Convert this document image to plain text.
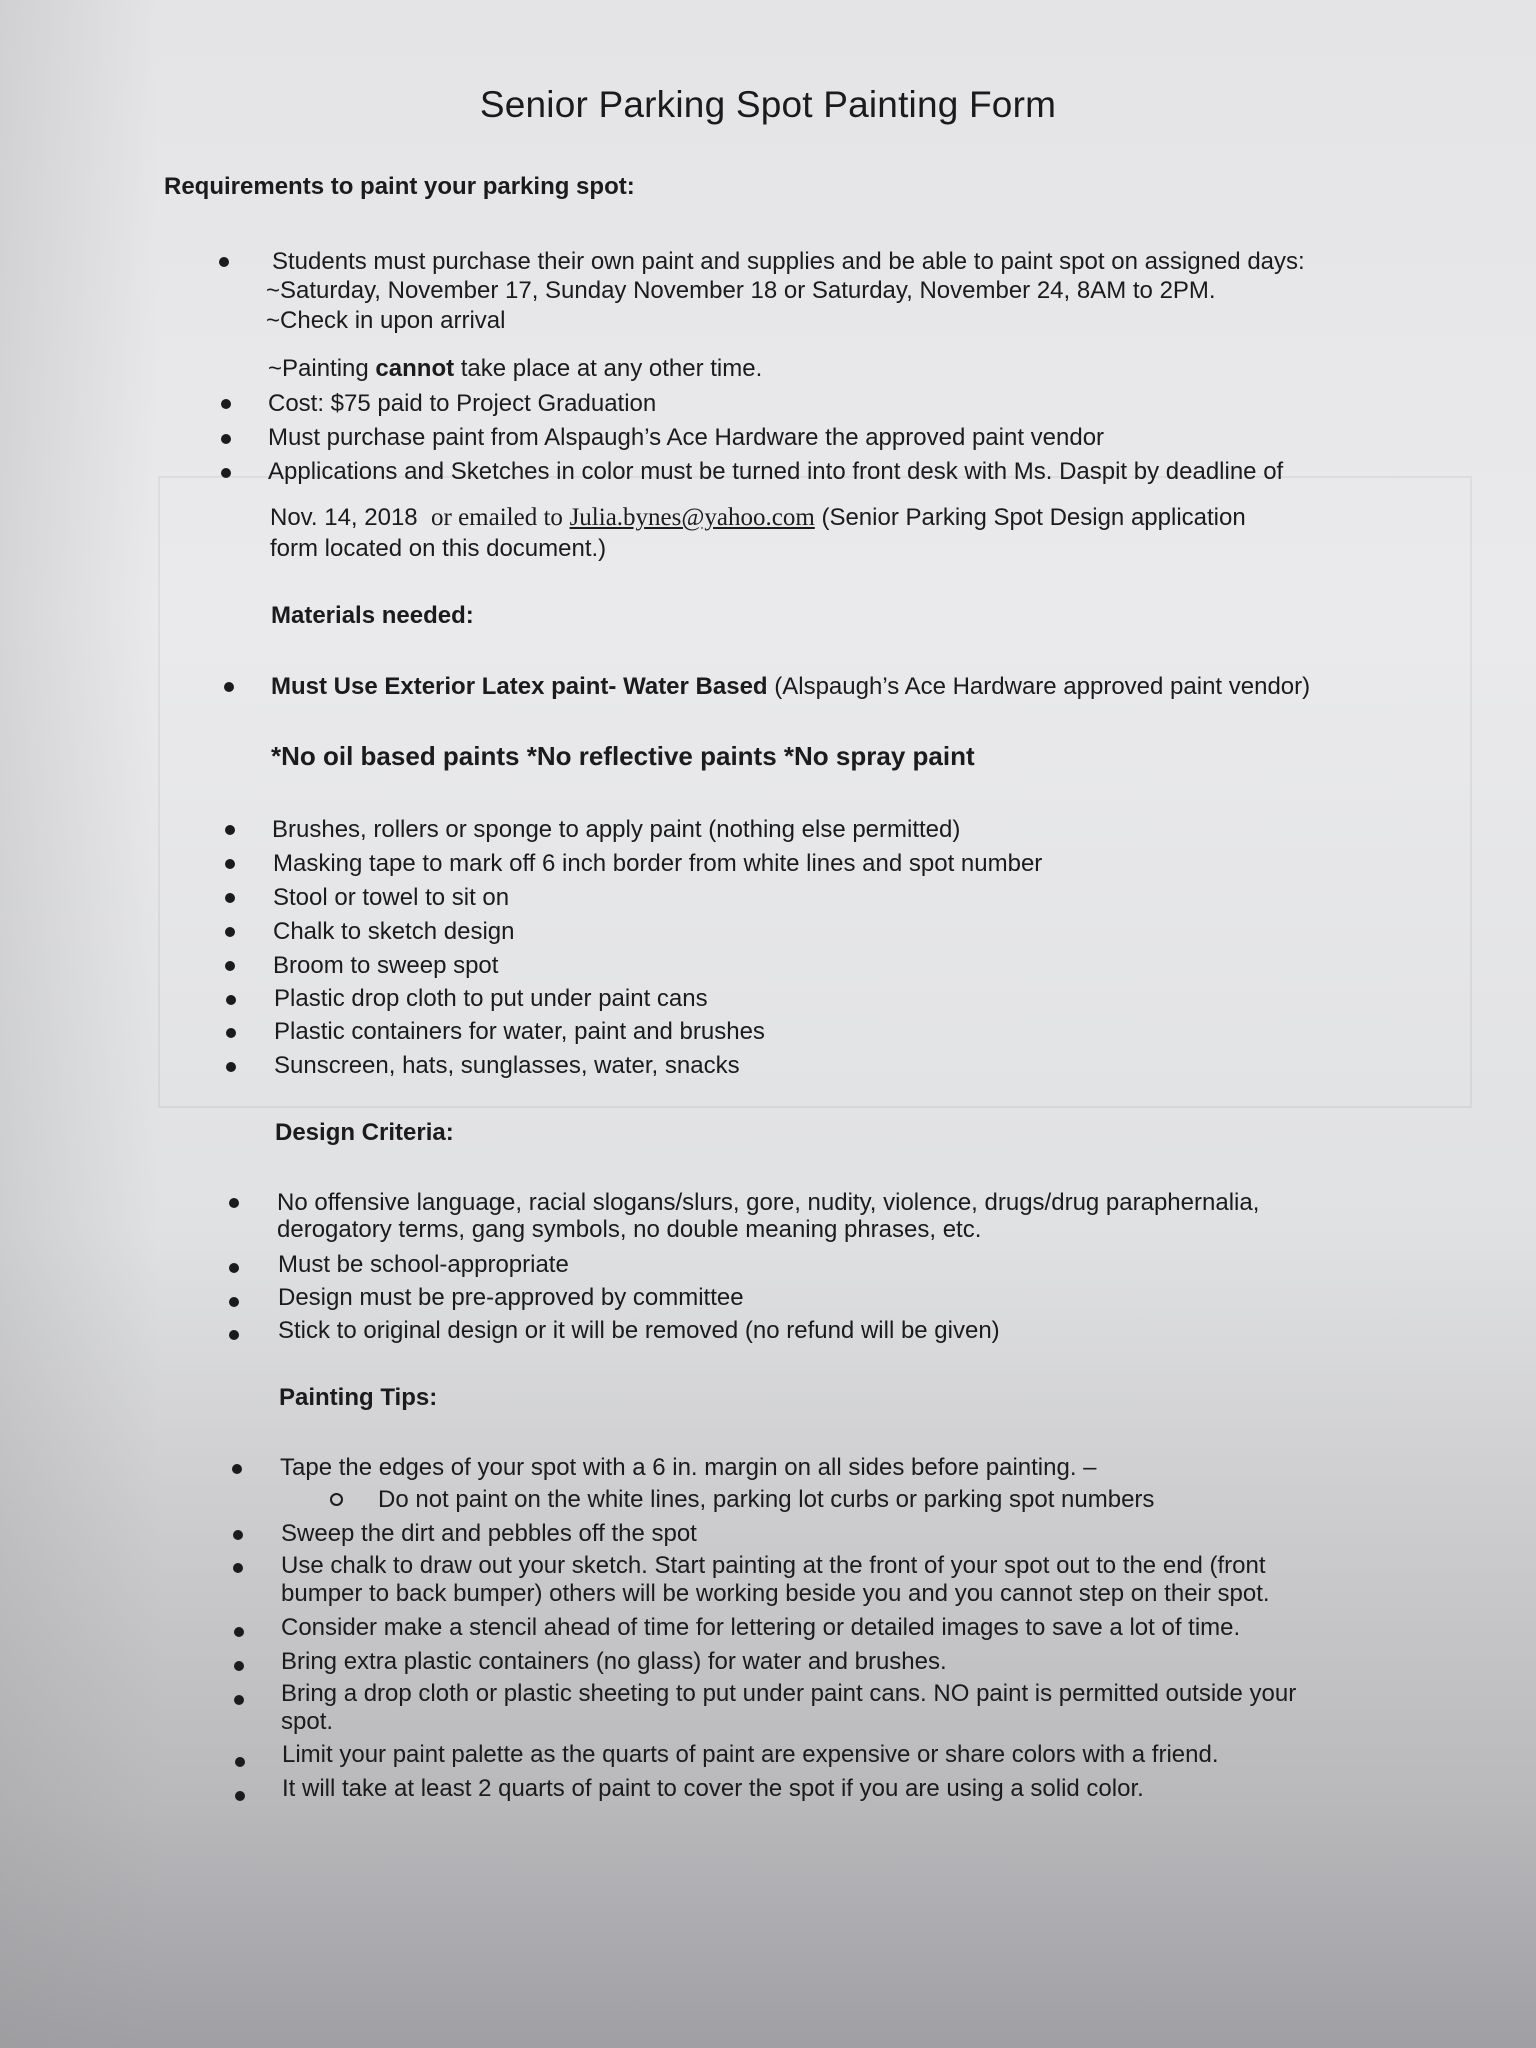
Senior Parking Spot Painting Form
Requirements to paint your parking spot:
Students must purchase their own paint and supplies and be able to paint spot on assigned days:
~Saturday, November 17, Sunday November 18 or Saturday, November 24, 8AM to 2PM.
~Check in upon arrival
~Painting cannot take place at any other time.
Cost: $75 paid to Project Graduation
Must purchase paint from Alspaugh’s Ace Hardware the approved paint vendor
Applications and Sketches in color must be turned into front desk with Ms. Daspit by deadline of
Nov. 14, 2018 or emailed to Julia.bynes@yahoo.com (Senior Parking Spot Design application
form located on this document.)
Materials needed:
Must Use Exterior Latex paint- Water Based (Alspaugh’s Ace Hardware approved paint vendor)
*No oil based paints *No reflective paints *No spray paint
Brushes, rollers or sponge to apply paint (nothing else permitted)
Masking tape to mark off 6 inch border from white lines and spot number
Stool or towel to sit on
Chalk to sketch design
Broom to sweep spot
Plastic drop cloth to put under paint cans
Plastic containers for water, paint and brushes
Sunscreen, hats, sunglasses, water, snacks
Design Criteria:
No offensive language, racial slogans/slurs, gore, nudity, violence, drugs/drug paraphernalia,
derogatory terms, gang symbols, no double meaning phrases, etc.
Must be school-appropriate
Design must be pre-approved by committee
Stick to original design or it will be removed (no refund will be given)
Painting Tips:
Tape the edges of your spot with a 6 in. margin on all sides before painting. –
Do not paint on the white lines, parking lot curbs or parking spot numbers
Sweep the dirt and pebbles off the spot
Use chalk to draw out your sketch. Start painting at the front of your spot out to the end (front
bumper to back bumper) others will be working beside you and you cannot step on their spot.
Consider make a stencil ahead of time for lettering or detailed images to save a lot of time.
Bring extra plastic containers (no glass) for water and brushes.
Bring a drop cloth or plastic sheeting to put under paint cans. NO paint is permitted outside your
spot.
Limit your paint palette as the quarts of paint are expensive or share colors with a friend.
It will take at least 2 quarts of paint to cover the spot if you are using a solid color.
